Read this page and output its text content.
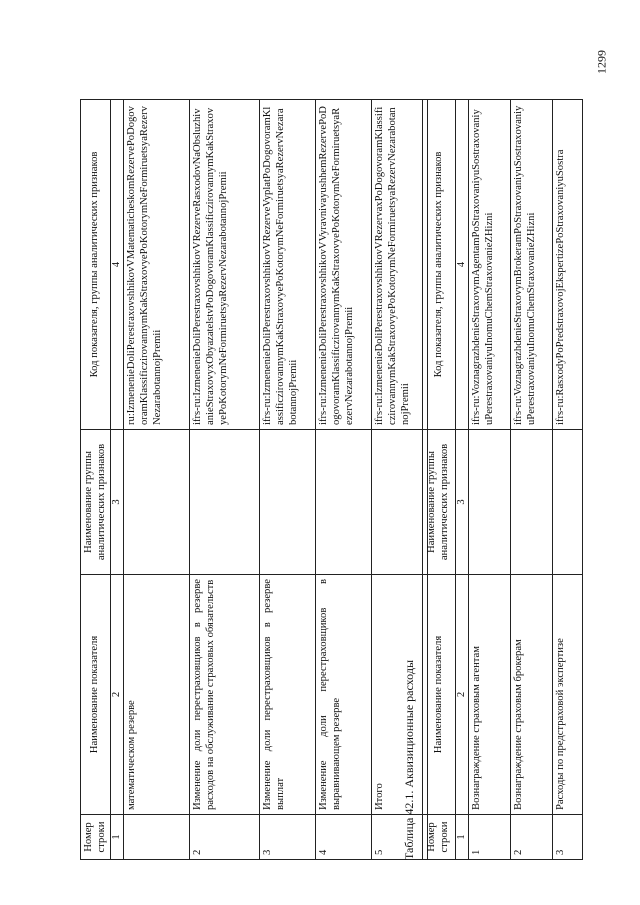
1299
Номер строки	Наименование показателя	Наименование группы аналитических признаков	Код показателя, группы аналитических признаков
1	2	3	4
	математическом резерве		ru:IzmenenieDoliPerestraxovshhikovVMatematicheskomRezervePoDogovoramKlassificzirovannymKakStraxovyePoKotorymNeFormiruetsyaRezervNezarabotannojPremii
2	Изменение доли перестраховщиков в резерве расходов на обслуживание страховых обязательств		ifrs-ru:IzmenenieDoliPerestraxovshhikovVRezerveRasxodovNaObsluzhivanieStraxovyxObyazatelstvPoDogovoramKlassificzirovannymKakStraxovyePoKotorymNeFormiruetsyaRezervNezarabotannojPremii
3	Изменение доли перестраховщиков в резерве выплат		ifrs-ru:IzmenenieDoliPerestraxovshhikovVRezerveVyplatPoDogovoramKlassificzirovannymKakStraxovyePoKotorymNeFormiruetsyaRezervNezarabotannojPremii
4	Изменение доли перестраховщиков в выравнивающем резерве		ifrs-ru:IzmenenieDoliPerestraxovshhikovVVyravnivayushhemRezervePoDogovoramKlassificzirovannymKakStraxovyePoKotorymNeFormiruetsyaRezervNezarabotannojPremii
5	Итого		ifrs-ru:IzmenenieDoliPerestraxovshhikovVRezervaxPoDogovoramKlassificzirovannymKakStraxovyePoKotorymNeFormiruetsyaRezervNezarabotannojPremii
Таблица 42.1. Аквизиционные расходы Номер строки	Наименование показателя	Наименование группы аналитических признаков	Код показателя, группы аналитических признаков
1	2	3	4
1	Вознаграждение страховым агентам		ifrs-ru:VoznagrazhdenieStraxovymAgentamPoStraxovaniyuSostraxovaniyuPerestraxovaniyuInomuChemStraxovanieZHizni
2	Вознаграждение страховым брокерам		ifrs-ru:VoznagrazhdenieStraxovymBrokeramPoStraxovaniyuSostraxovaniyuPerestraxovaniyuInomuChemStraxovanieZHizni
3	Расходы по предстраховой экспертизе		ifrs-ru:RasxodyPoPredstraxovojEkspertizePoStraxovaniyuSostra
